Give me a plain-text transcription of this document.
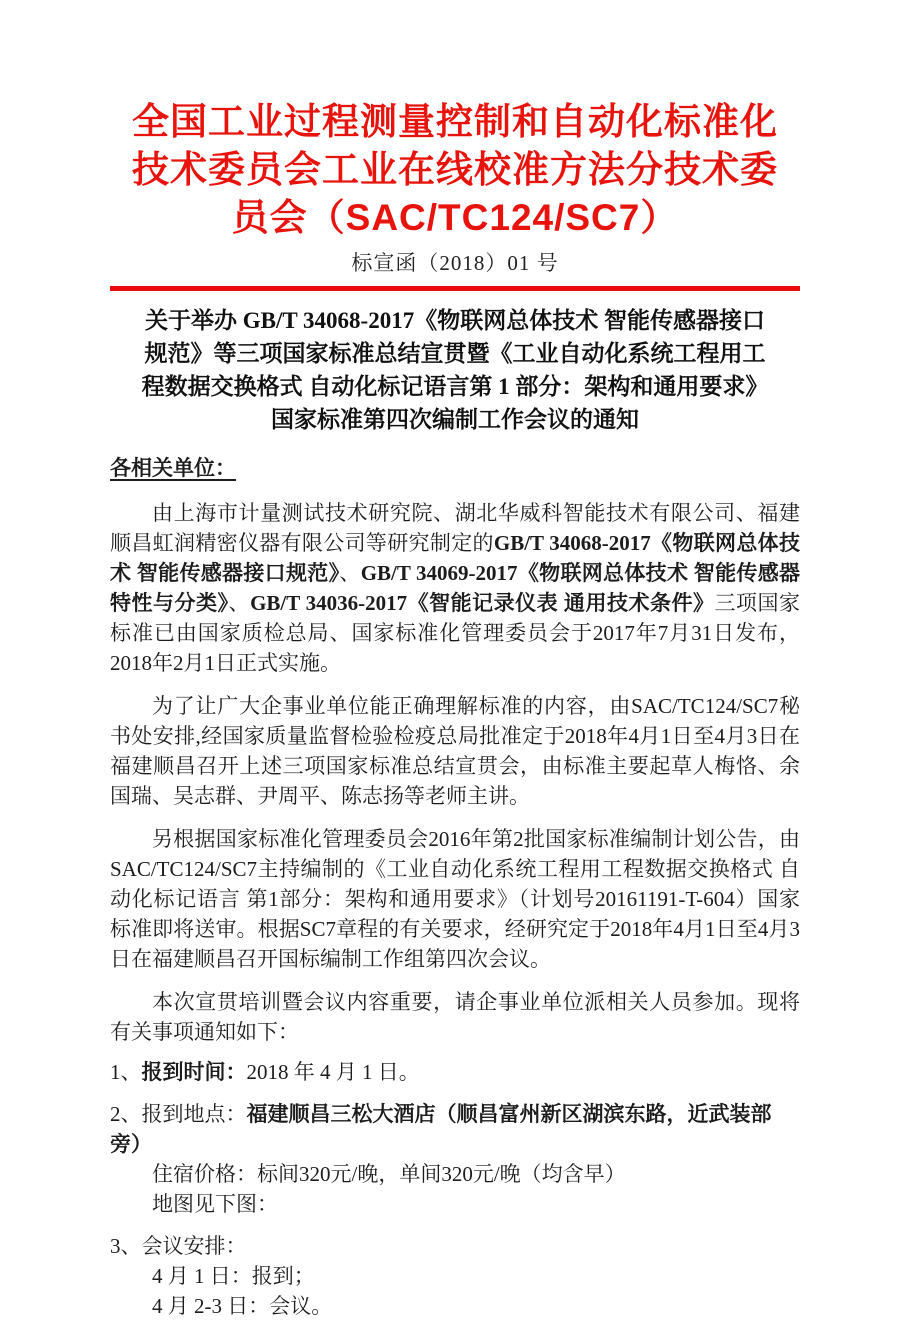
全国工业过程测量控制和自动化标准化
技术委员会工业在线校准方法分技术委
员会（SAC/TC124/SC7）
标宣函（2018）01 号
关于举办 GB/T 34068-2017《物联网总体技术 智能传感器接口规范》等三项国家标准总结宣贯暨《工业自动化系统工程用工程数据交换格式 自动化标记语言第 1 部分：架构和通用要求》国家标准第四次编制工作会议的通知

各相关单位：

由上海市计量测试技术研究院、湖北华威科智能技术有限公司、福建顺昌虹润精密仪器有限公司等研究制定的GB/T 34068-2017《物联网总体技术 智能传感器接口规范》、GB/T 34069-2017《物联网总体技术 智能传感器特性与分类》、GB/T 34036-2017《智能记录仪表 通用技术条件》三项国家标准已由国家质检总局、国家标准化管理委员会于2017年7月31日发布，2018年2月1日正式实施。

为了让广大企事业单位能正确理解标准的内容，由SAC/TC124/SC7秘书处安排,经国家质量监督检验检疫总局批准定于2018年4月1日至4月3日在福建顺昌召开上述三项国家标准总结宣贯会，由标准主要起草人梅恪、余国瑞、吴志群、尹周平、陈志扬等老师主讲。

另根据国家标准化管理委员会2016年第2批国家标准编制计划公告，由SAC/TC124/SC7主持编制的《工业自动化系统工程用工程数据交换格式 自动化标记语言 第1部分：架构和通用要求》（计划号20161191-T-604）国家标准即将送审。根据SC7章程的有关要求，经研究定于2018年4月1日至4月3日在福建顺昌召开国标编制工作组第四次会议。

本次宣贯培训暨会议内容重要，请企事业单位派相关人员参加。现将有关事项通知如下：

1、报到时间：2018 年 4 月 1 日。

2、报到地点：福建顺昌三松大酒店（顺昌富州新区湖滨东路，近武装部旁）

住宿价格：标间320元/晚，单间320元/晚（均含早）

地图见下图：

3、会议安排：

4 月 1 日：报到；

4 月 2-3 日：会议。
